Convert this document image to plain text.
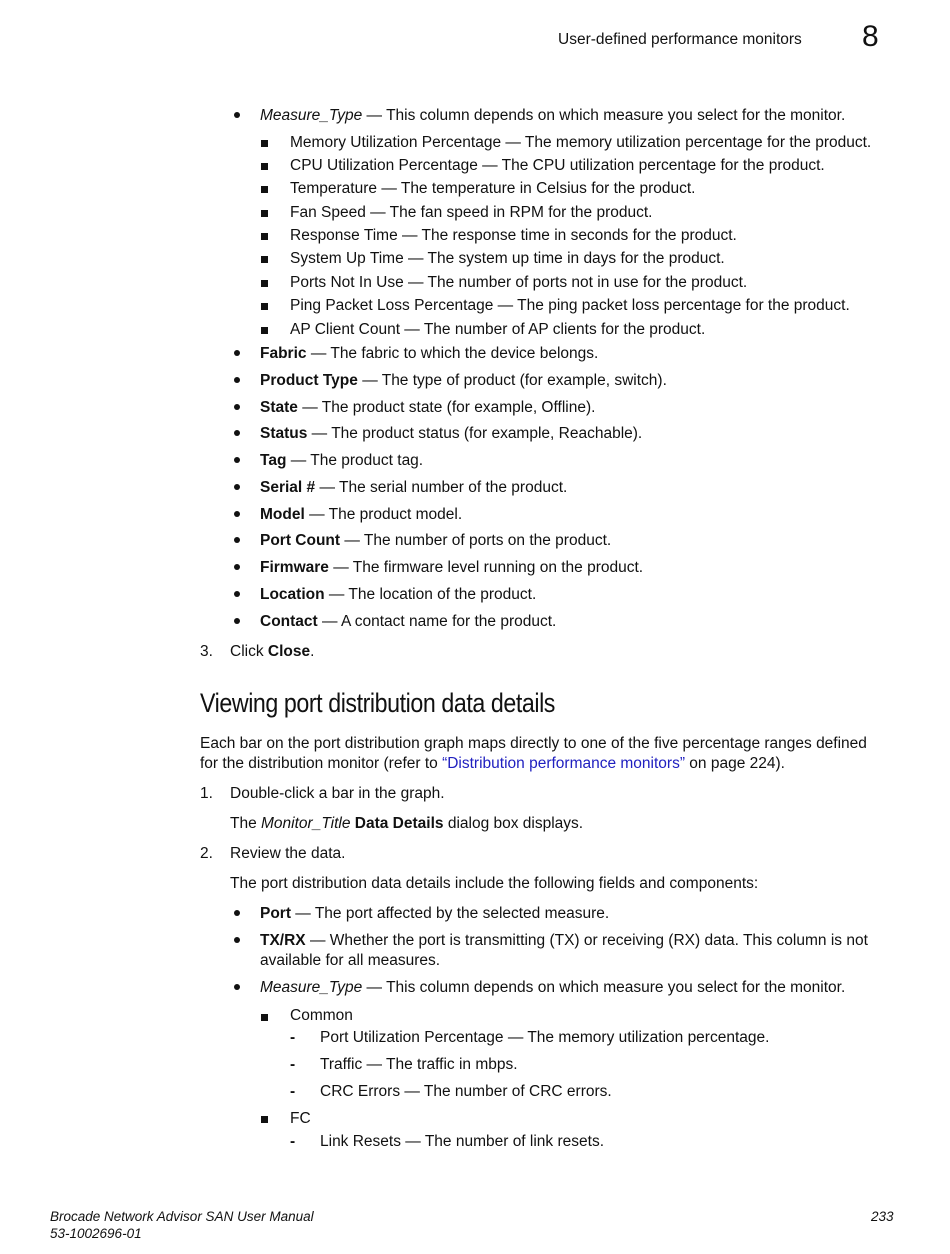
User-defined performance monitors 8
Measure_Type — This column depends on which measure you select for the monitor.
Memory Utilization Percentage — The memory utilization percentage for the product.
CPU Utilization Percentage — The CPU utilization percentage for the product.
Temperature — The temperature in Celsius for the product.
Fan Speed — The fan speed in RPM for the product.
Response Time — The response time in seconds for the product.
System Up Time — The system up time in days for the product.
Ports Not In Use — The number of ports not in use for the product.
Ping Packet Loss Percentage — The ping packet loss percentage for the product.
AP Client Count — The number of AP clients for the product.
Fabric — The fabric to which the device belongs.
Product Type — The type of product (for example, switch).
State — The product state (for example, Offline).
Status — The product status (for example, Reachable).
Tag — The product tag.
Serial # — The serial number of the product.
Model — The product model.
Port Count — The number of ports on the product.
Firmware — The firmware level running on the product.
Location — The location of the product.
Contact — A contact name for the product.
3. Click Close.
Viewing port distribution data details
Each bar on the port distribution graph maps directly to one of the five percentage ranges defined
for the distribution monitor (refer to “Distribution performance monitors” on page 224).
1. Double-click a bar in the graph.
The Monitor_Title Data Details dialog box displays.
2. Review the data.
The port distribution data details include the following fields and components:
Port — The port affected by the selected measure.
TX/RX — Whether the port is transmitting (TX) or receiving (RX) data. This column is not
available for all measures.
Measure_Type — This column depends on which measure you select for the monitor.
Common
- Port Utilization Percentage — The memory utilization percentage.
- Traffic — The traffic in mbps.
- CRC Errors — The number of CRC errors.
FC
- Link Resets — The number of link resets.
Brocade Network Advisor SAN User Manual
53-1002696-01
233
